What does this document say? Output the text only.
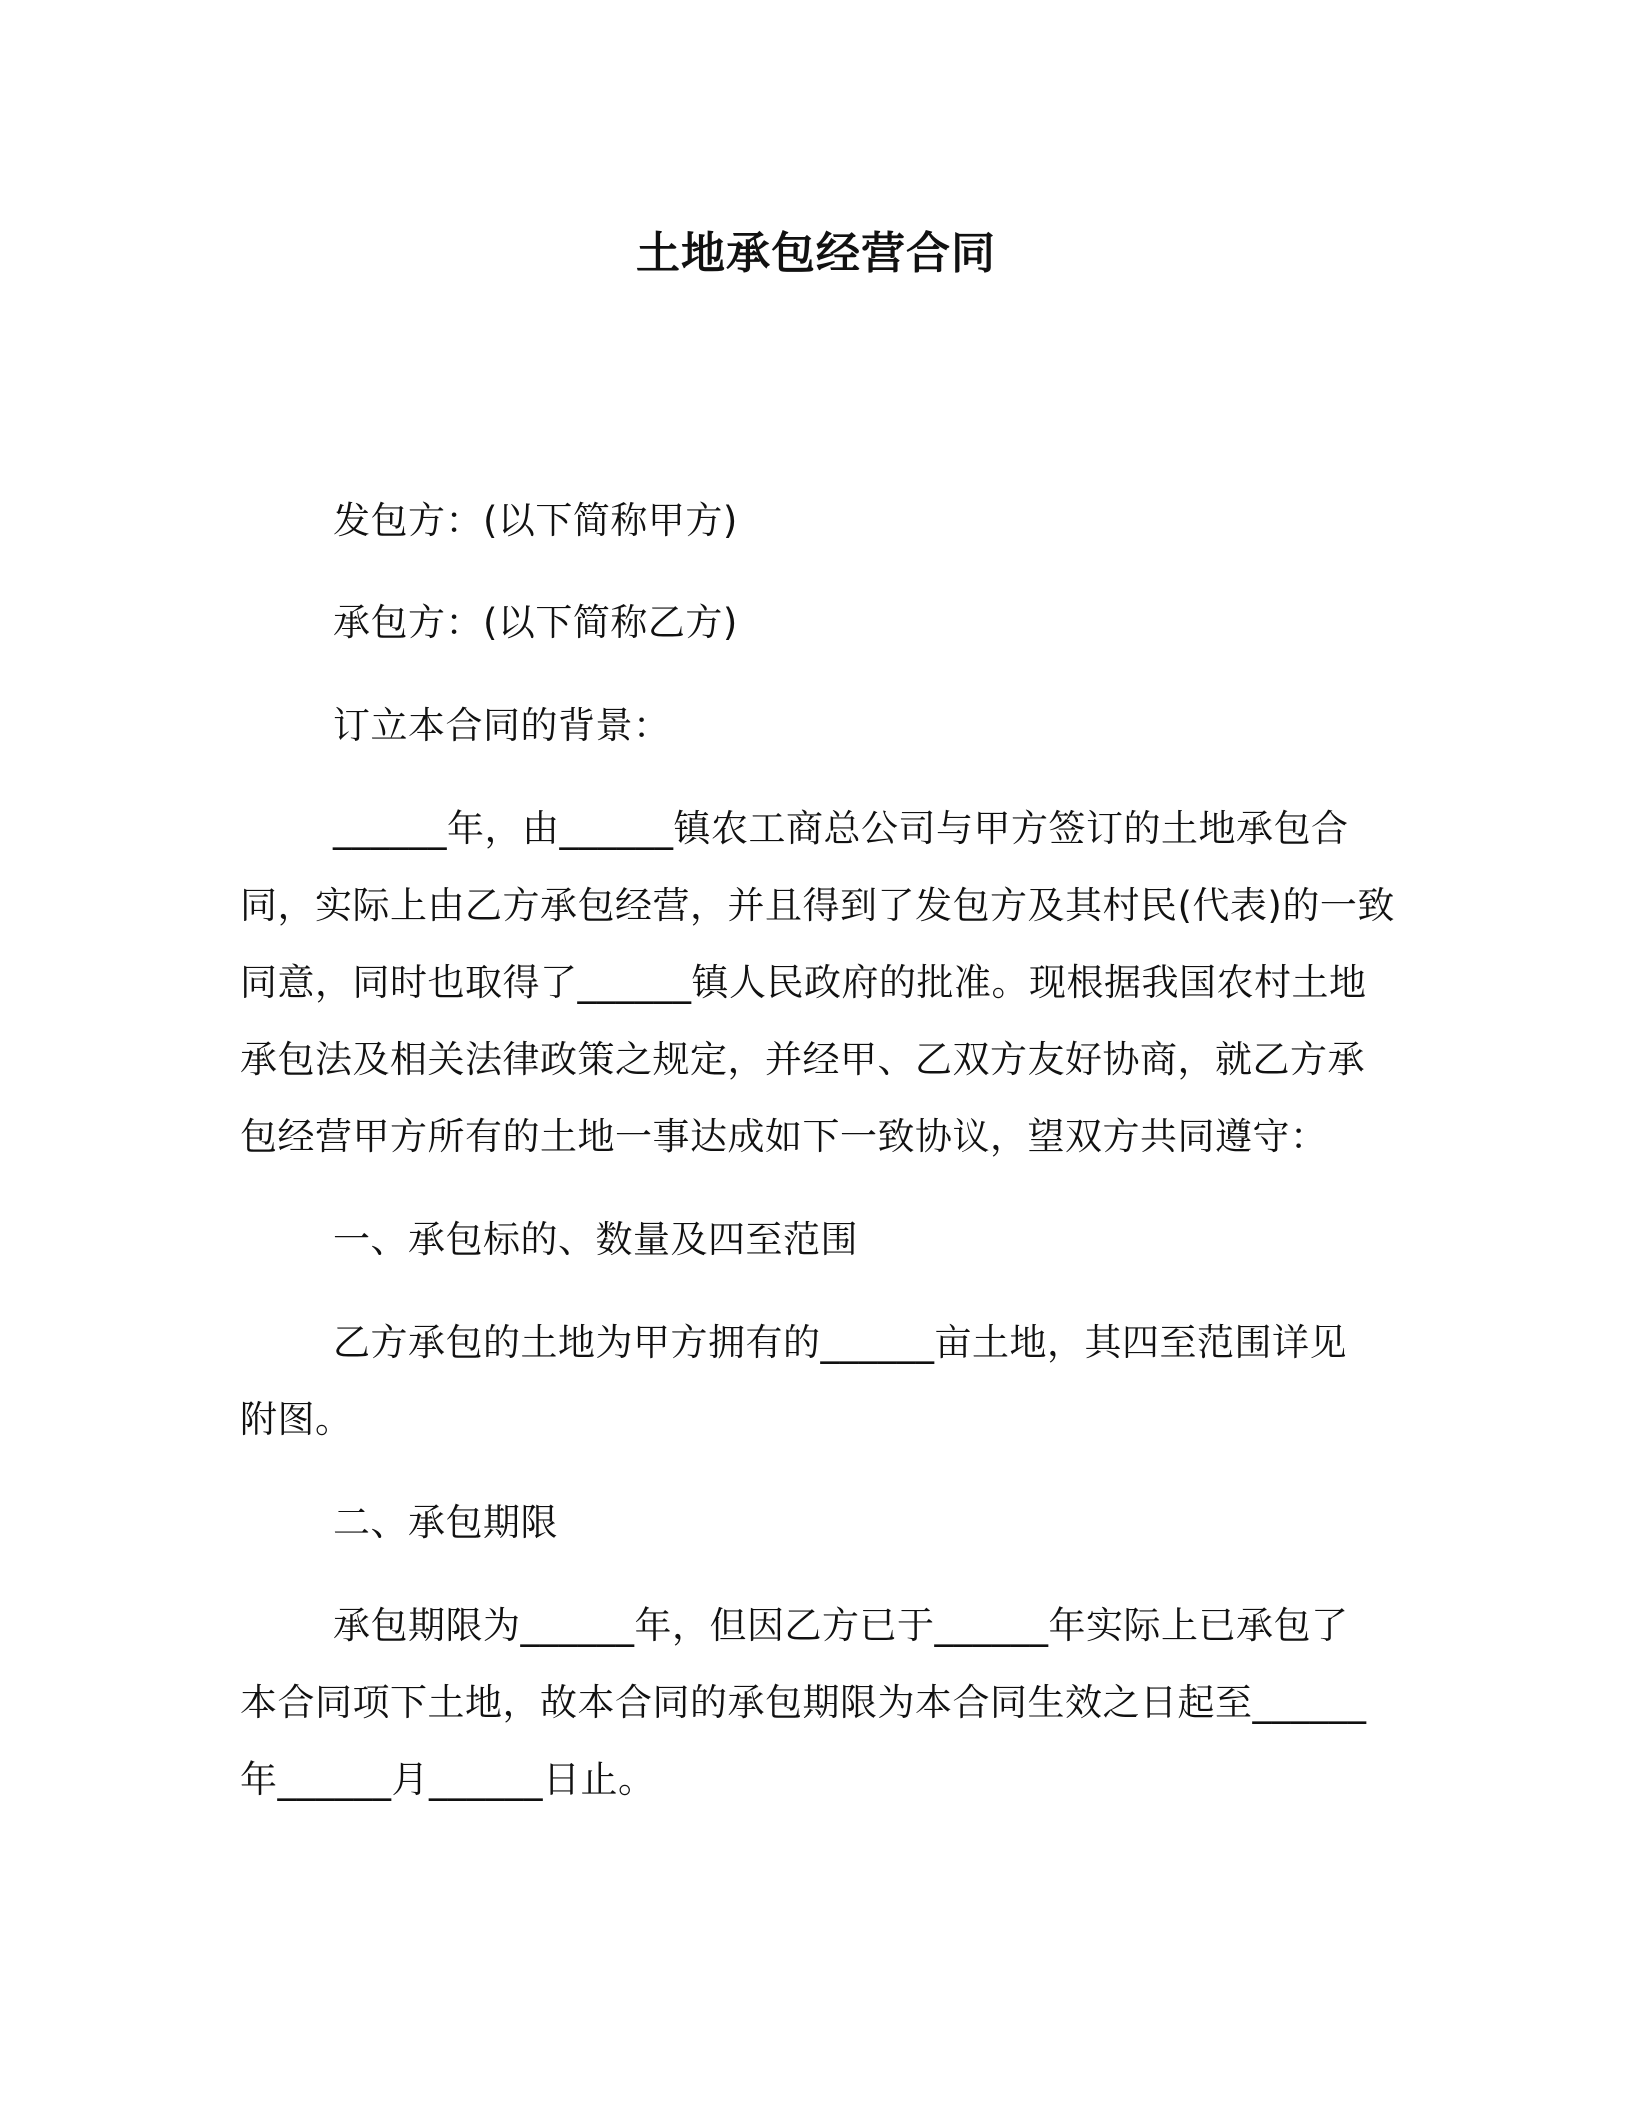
土地承包经营合同
发包方：(以下简称甲方)
承包方：(以下简称乙方)
订立本合同的背景：
______年，由______镇农工商总公司与甲方签订的土地承包合
同，实际上由乙方承包经营，并且得到了发包方及其村民(代表)的一致
同意，同时也取得了______镇人民政府的批准。现根据我国农村土地
承包法及相关法律政策之规定，并经甲、乙双方友好协商，就乙方承
包经营甲方所有的土地一事达成如下一致协议，望双方共同遵守：
一、承包标的、数量及四至范围
乙方承包的土地为甲方拥有的______亩土地，其四至范围详见
附图。
二、承包期限
承包期限为______年，但因乙方已于______年实际上已承包了
本合同项下土地，故本合同的承包期限为本合同生效之日起至______
年______月______日止。
